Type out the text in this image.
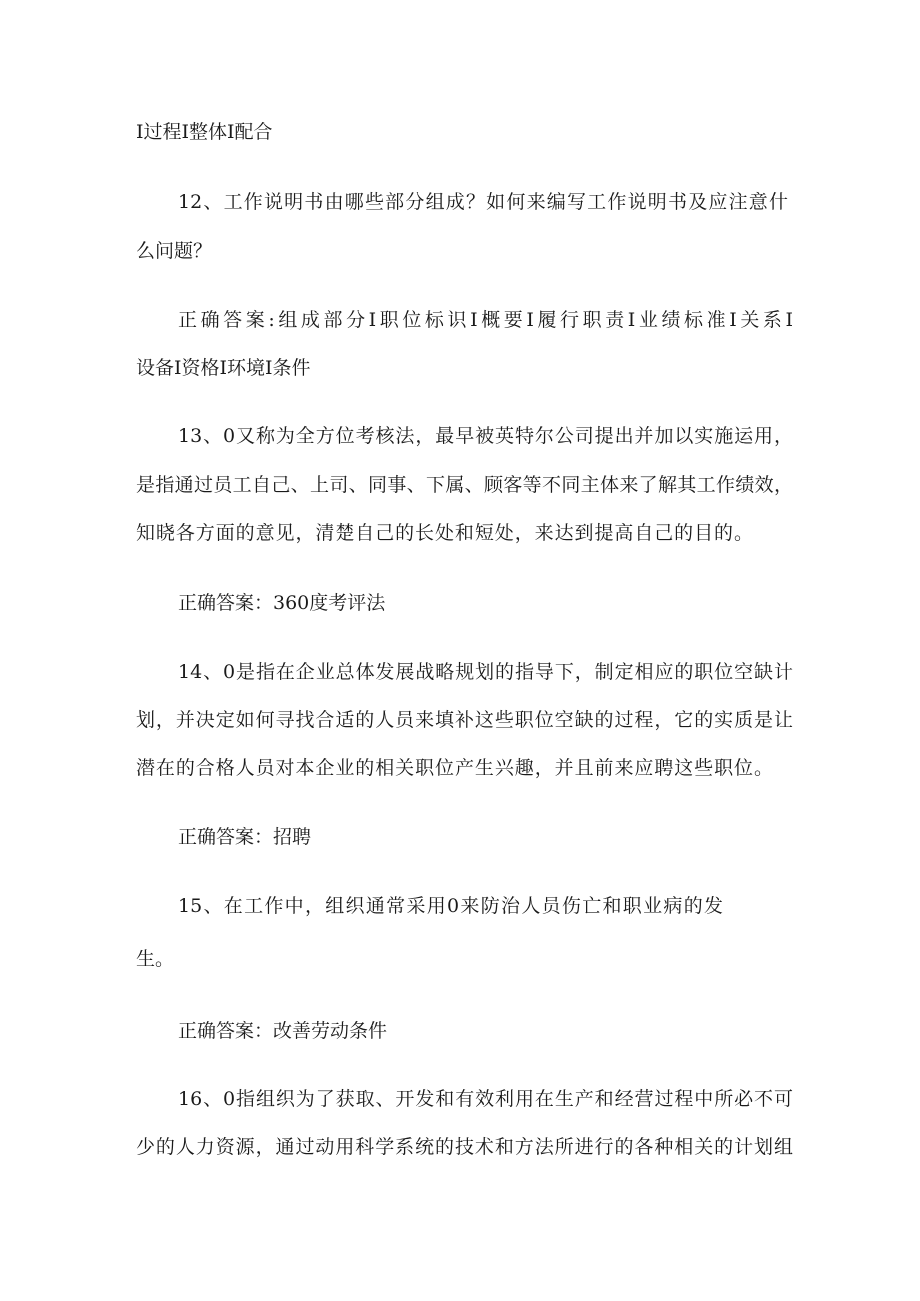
I过程I整体I配合
12、工作说明书由哪些部分组成？如何来编写工作说明书及应注意什
么问题？
正确答案:组成部分I职位标识I概要I履行职责I业绩标准I关系I
设备I资格I环境I条件
13、0又称为全方位考核法，最早被英特尔公司提出并加以实施运用，
是指通过员工自己、上司、同事、下属、顾客等不同主体来了解其工作绩效，
知晓各方面的意见，清楚自己的长处和短处，来达到提高自己的目的。
正确答案：360度考评法
14、0是指在企业总体发展战略规划的指导下，制定相应的职位空缺计
划，并决定如何寻找合适的人员来填补这些职位空缺的过程，它的实质是让
潜在的合格人员对本企业的相关职位产生兴趣，并且前来应聘这些职位。
正确答案：招聘
15、在工作中，组织通常采用0来防治人员伤亡和职业病的发
生。
正确答案：改善劳动条件
16、0指组织为了获取、开发和有效利用在生产和经营过程中所必不可
少的人力资源，通过动用科学系统的技术和方法所进行的各种相关的计划组
